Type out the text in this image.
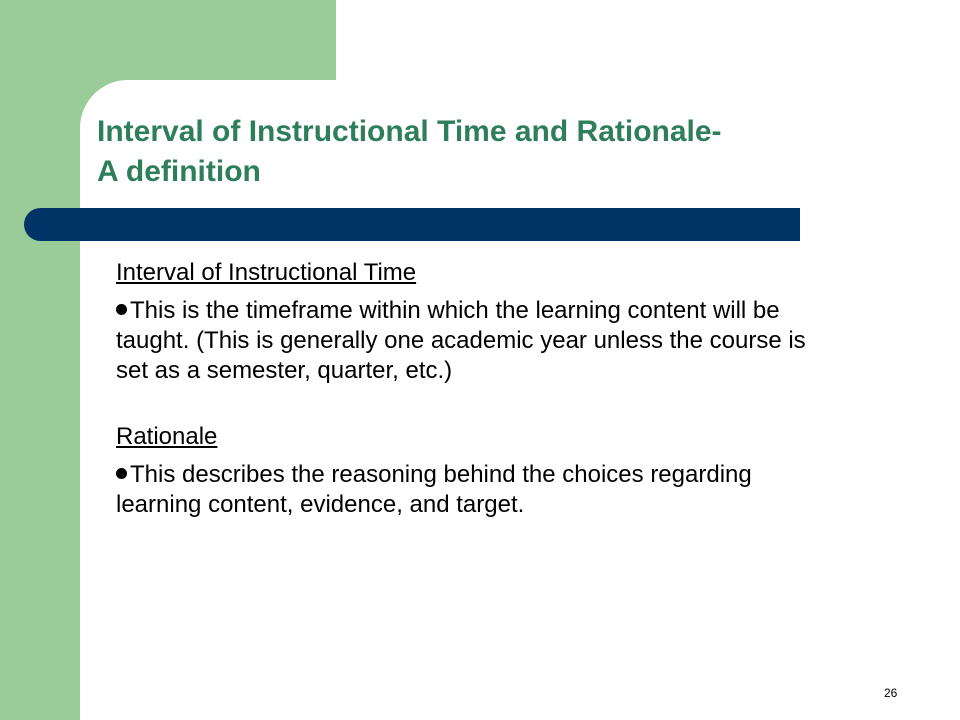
Interval of Instructional Time and Rationale-
A definition

Interval of Instructional Time

This is the timeframe within which the learning content will be taught. (This is generally one academic year unless the course is set as a semester, quarter, etc.)

Rationale

This describes the reasoning behind the choices regarding learning content, evidence, and target.

26
